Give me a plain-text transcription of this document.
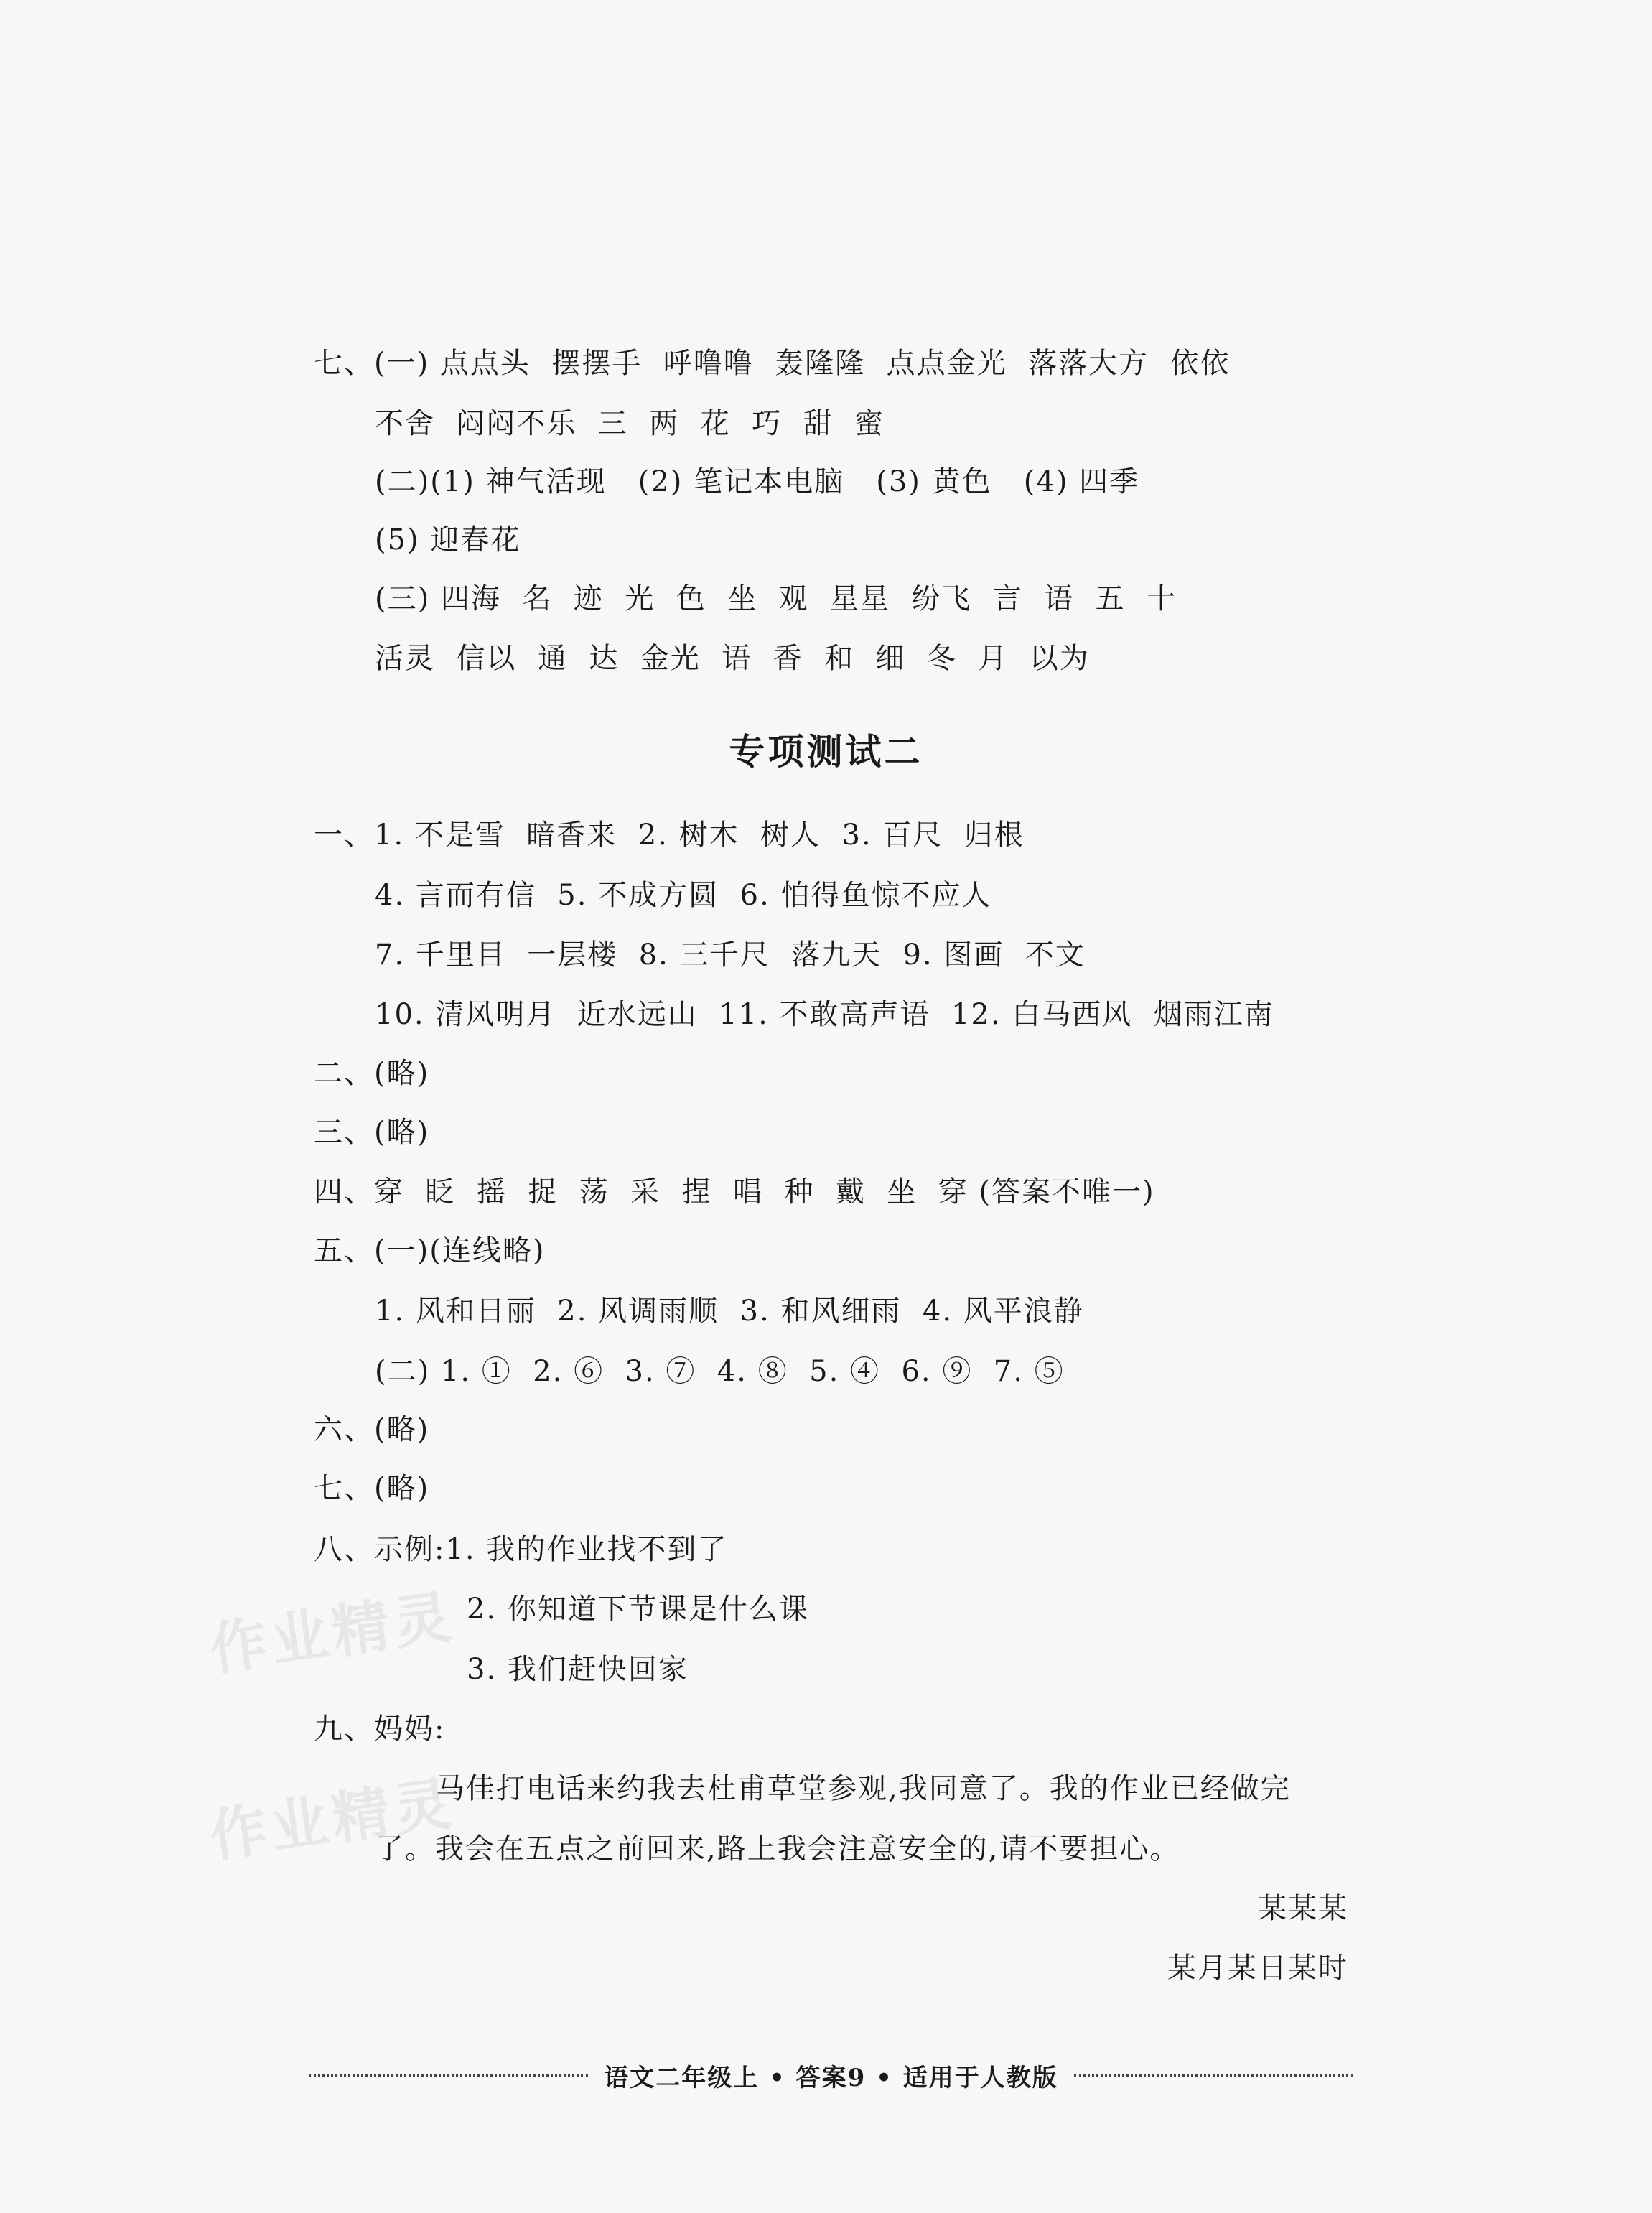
七、(一) 点点头  摆摆手  呼噜噜  轰隆隆  点点金光  落落大方  依依
不舍  闷闷不乐  三  两  花  巧  甜  蜜
(二)(1) 神气活现   (2) 笔记本电脑   (3) 黄色   (4) 四季
(5) 迎春花
(三) 四海  名  迹  光  色  坐  观  星星  纷飞  言  语  五  十
活灵  信以  通  达  金光  语  香  和  细  冬  月  以为
专项测试二
一、1. 不是雪  暗香来  2. 树木  树人  3. 百尺  归根
4. 言而有信  5. 不成方圆  6. 怕得鱼惊不应人
7. 千里目  一层楼  8. 三千尺  落九天  9. 图画  不文
10. 清风明月  近水远山  11. 不敢高声语  12. 白马西风  烟雨江南
二、(略)
三、(略)
四、穿  眨  摇  捉  荡  采  捏  唱  种  戴  坐  穿 (答案不唯一)
五、(一)(连线略)
1. 风和日丽  2. 风调雨顺  3. 和风细雨  4. 风平浪静
(二) 1. ①  2. ⑥  3. ⑦  4. ⑧  5. ④  6. ⑨  7. ⑤
六、(略)
七、(略)
八、示例:1. 我的作业找不到了
2. 你知道下节课是什么课
3. 我们赶快回家
九、妈妈:
马佳打电话来约我去杜甫草堂参观,我同意了。我的作业已经做完
了。我会在五点之前回来,路上我会注意安全的,请不要担心。
某某某
某月某日某时
作业精灵
作业精灵
语文二年级上 • 答案9 • 适用于人教版
